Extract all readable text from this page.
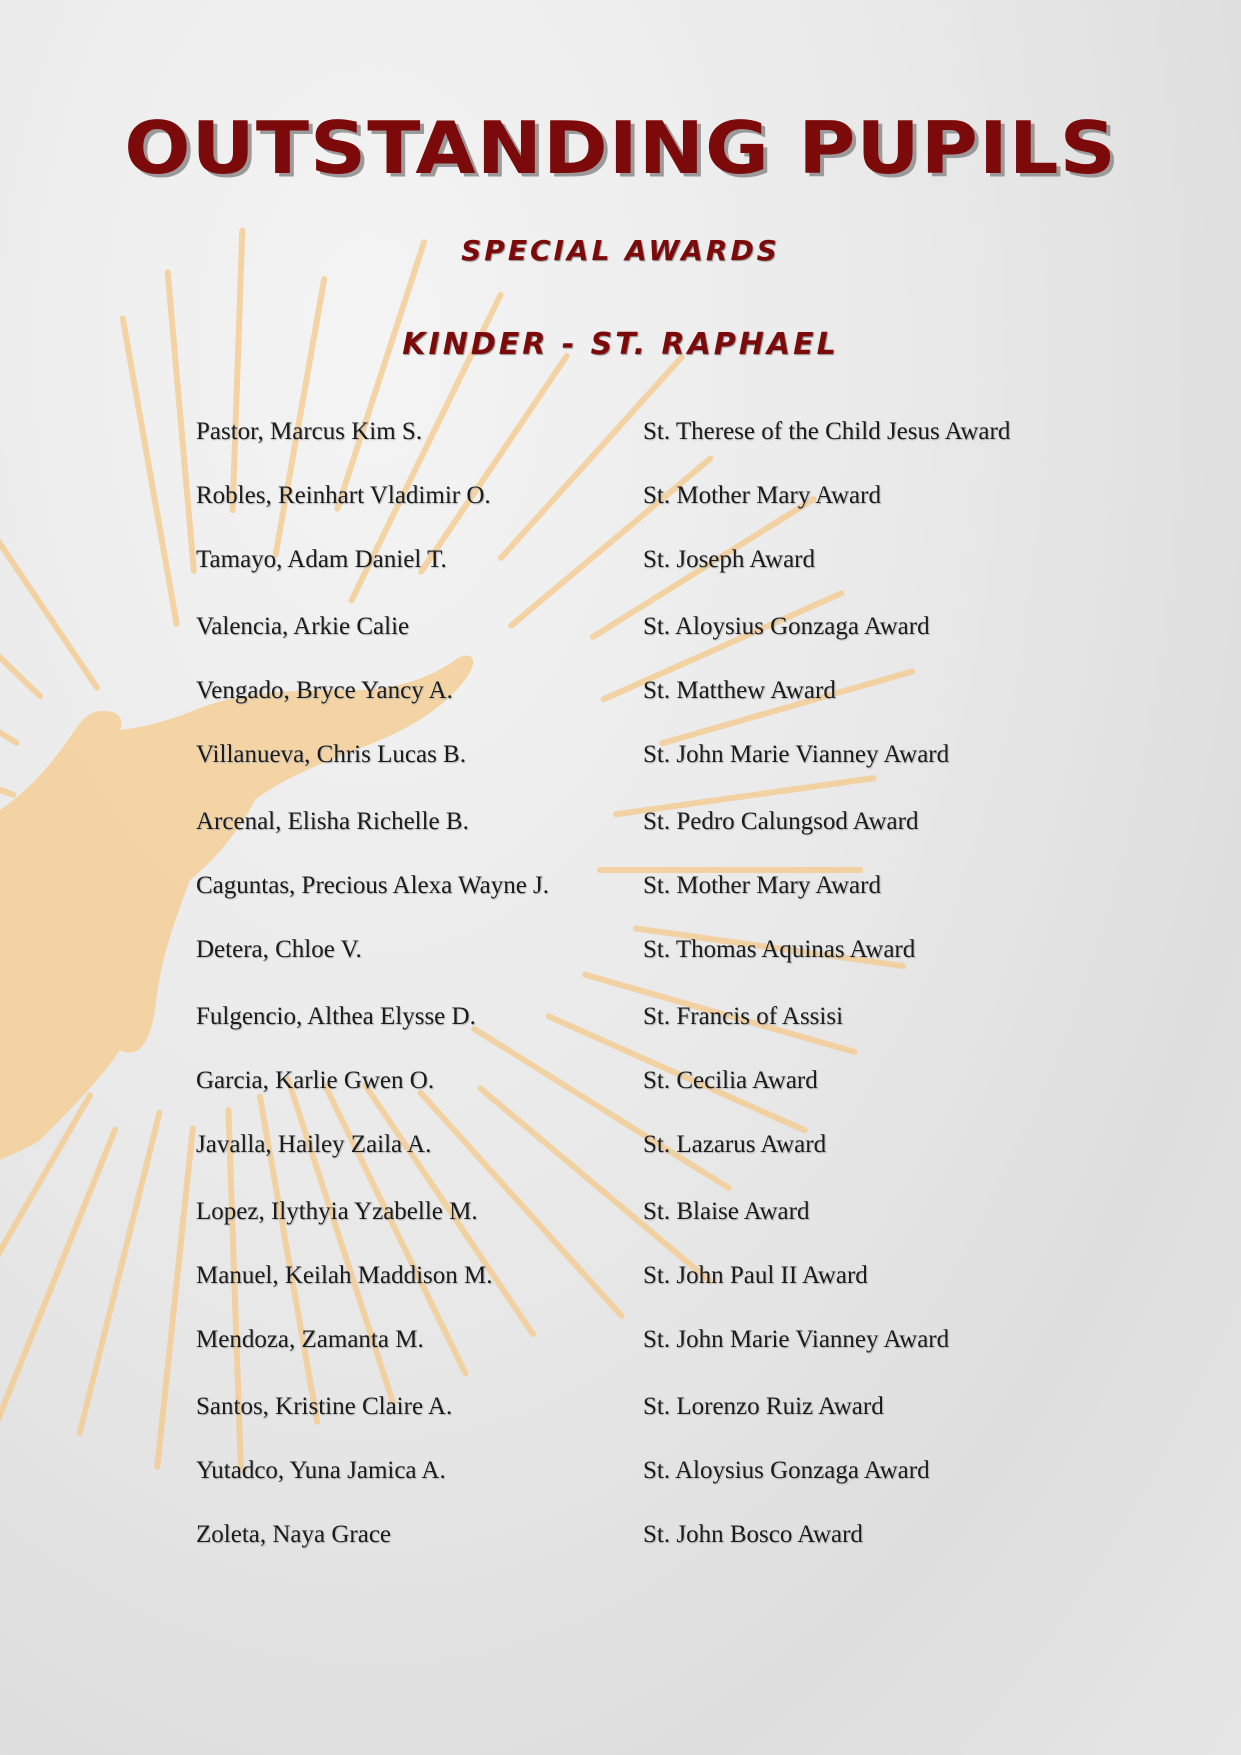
OUTSTANDING PUPILS
SPECIAL AWARDS
KINDER - ST. RAPHAEL
Pastor, Marcus Kim S.	St. Therese of the Child Jesus Award
Robles, Reinhart Vladimir O.	St. Mother Mary Award
Tamayo, Adam Daniel T.	St. Joseph Award
Valencia, Arkie Calie	St. Aloysius Gonzaga Award
Vengado, Bryce Yancy A.	St. Matthew Award
Villanueva, Chris Lucas B.	St. John Marie Vianney Award
Arcenal, Elisha Richelle B.	St. Pedro Calungsod Award
Caguntas, Precious Alexa Wayne J.	St. Mother Mary Award
Detera, Chloe V.	St. Thomas Aquinas Award
Fulgencio, Althea Elysse D.	St. Francis of Assisi
Garcia, Karlie Gwen O.	St. Cecilia Award
Javalla, Hailey Zaila A.	St. Lazarus Award
Lopez, Ilythyia Yzabelle M.	St. Blaise Award
Manuel, Keilah Maddison M.	St. John Paul II Award
Mendoza, Zamanta M.	St. John Marie Vianney Award
Santos, Kristine Claire A.	St. Lorenzo Ruiz Award
Yutadco, Yuna Jamica A.	St. Aloysius Gonzaga Award
Zoleta, Naya Grace	St. John Bosco Award
